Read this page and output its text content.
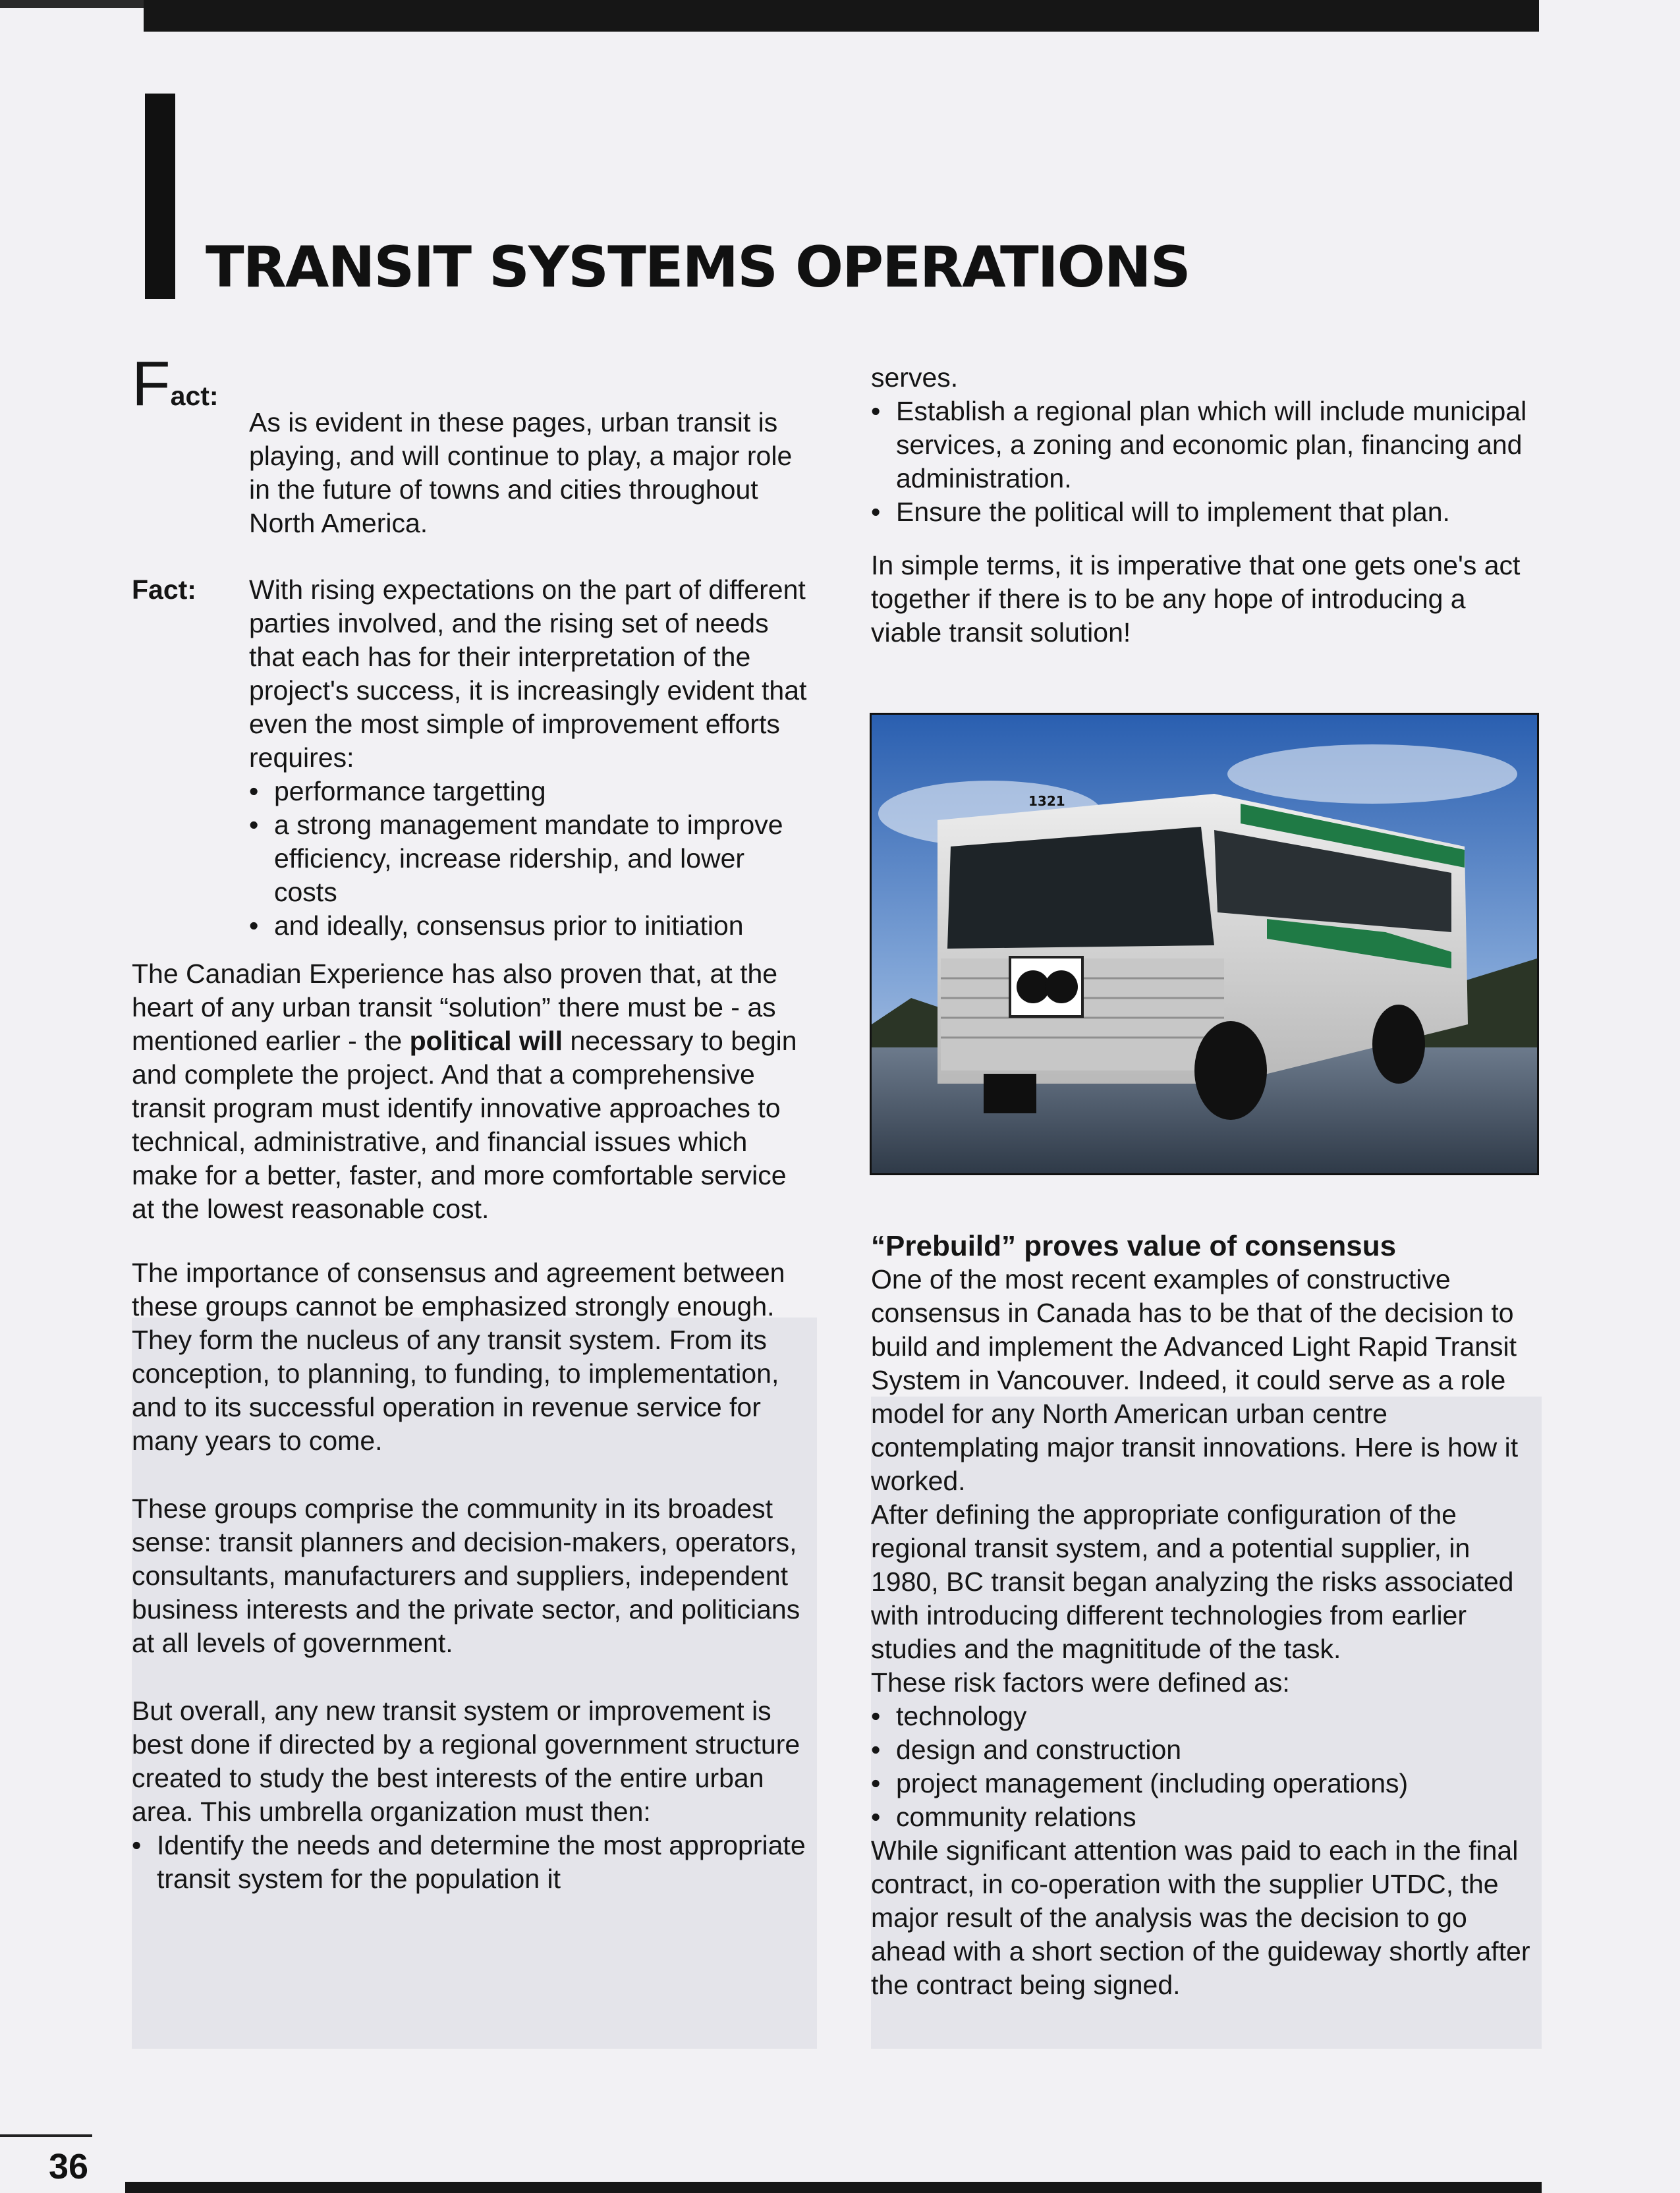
TRANSIT SYSTEMS OPERATIONS
Fact:
As is evident in these pages, urban transit is playing, and will continue to play, a major role in the future of towns and cities throughout North America.
Fact:	With rising expectations on the part of different parties involved, and the rising set of needs that each has for their interpretation of the project's success, it is increasingly evident that even the most simple of improvement efforts requires:

• performance targetting
• a strong management mandate to improve efficiency, increase ridership, and lower costs
• and ideally, consensus prior to initiation

The Canadian Experience has also proven that, at the heart of any urban transit “solution” there must be - as mentioned earlier - the political will necessary to begin and complete the project. And that a comprehensive transit program must identify innovative approaches to technical, administrative, and financial issues which make for a better, faster, and more comfortable service at the lowest reasonable cost.

The importance of consensus and agreement between these groups cannot be emphasized strongly enough. They form the nucleus of any transit system. From its conception, to planning, to funding, to implementation, and to its successful operation in revenue service for many years to come.

These groups comprise the community in its broadest sense: transit planners and decision-makers, operators, consultants, manufacturers and suppliers, independent business interests and the private sector, and politicians at all levels of government.

But overall, any new transit system or improvement is best done if directed by a regional government structure created to study the best interests of the entire urban area. This umbrella organization must then:

• Identify the needs and determine the most appropriate transit system for the population it

serves.

• Establish a regional plan which will include municipal services, a zoning and economic plan, financing and administration.
• Ensure the political will to implement that plan.

In simple terms, it is imperative that one gets one's act together if there is to be any hope of introducing a viable transit solution!

1321

“Prebuild” proves value of consensus

One of the most recent examples of constructive consensus in Canada has to be that of the decision to build and implement the Advanced Light Rapid Transit System in Vancouver. Indeed, it could serve as a role model for any North American urban centre contemplating major transit innovations. Here is how it worked.

After defining the appropriate configuration of the regional transit system, and a potential supplier, in 1980, BC transit began analyzing the risks associated with introducing different technologies from earlier studies and the magnititude of the task.

These risk factors were defined as:

• technology
• design and construction
• project management (including operations)
• community relations

While significant attention was paid to each in the final contract, in co-operation with the supplier UTDC, the major result of the analysis was the decision to go ahead with a short section of the guideway shortly after the contract being signed.

36
